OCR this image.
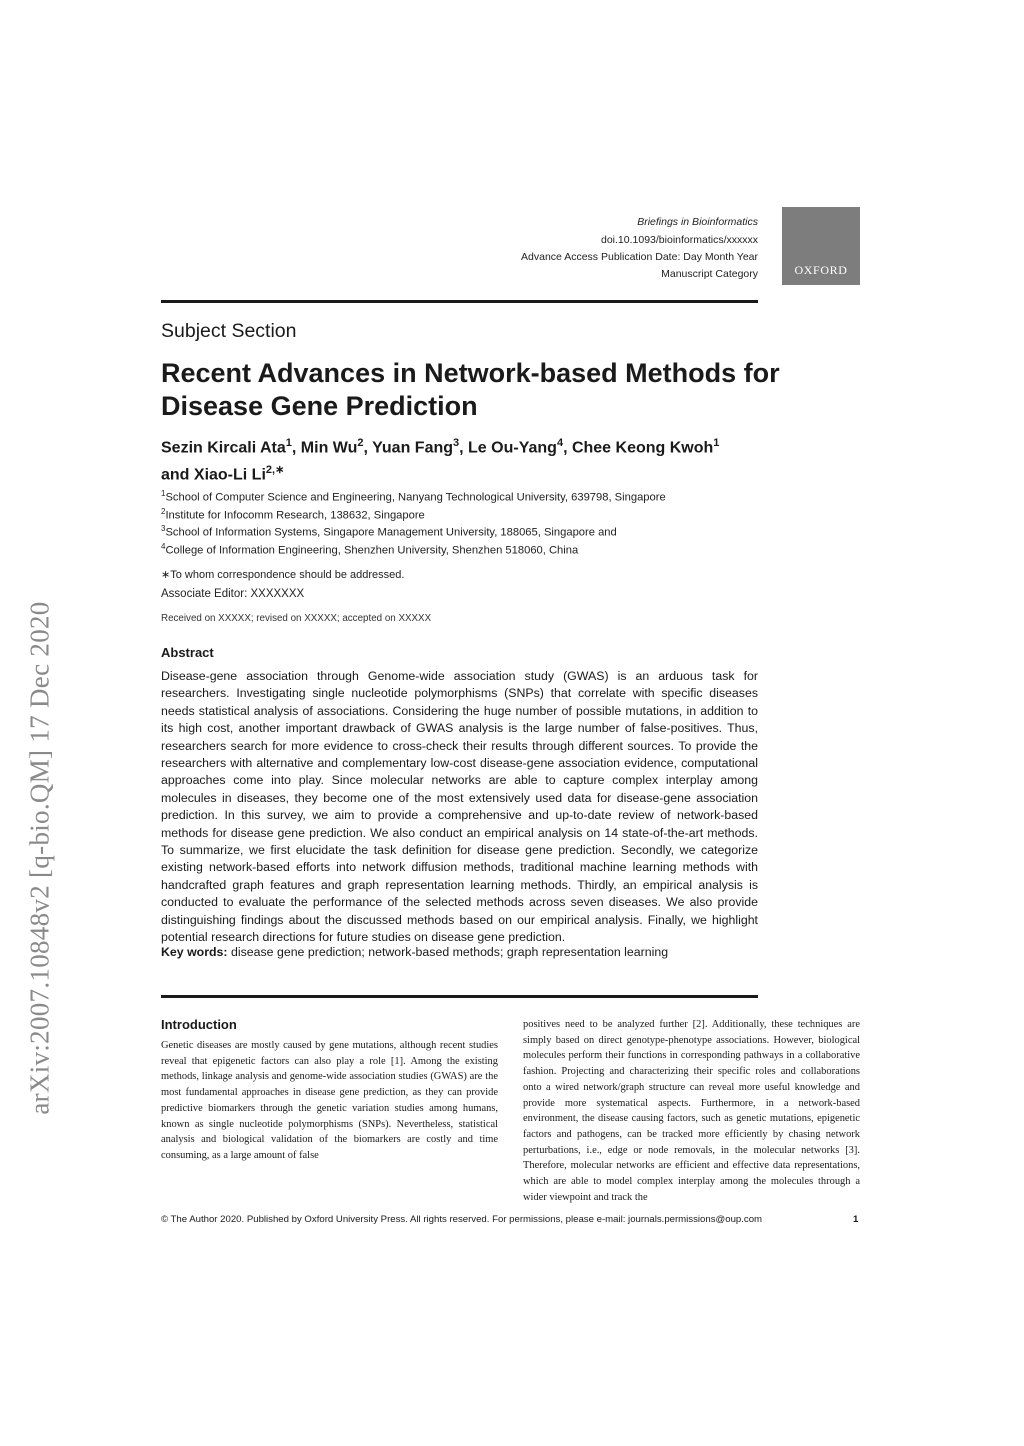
arXiv:2007.10848v2 [q-bio.QM] 17 Dec 2020
Briefings in Bioinformatics
doi.10.1093/bioinformatics/xxxxxx
Advance Access Publication Date: Day Month Year
Manuscript Category	OXFORD
Subject Section
Recent Advances in Network-based Methods for Disease Gene Prediction
Sezin Kircali Ata$^1$, Min Wu$^2$, Yuan Fang$^3$, Le Ou-Yang$^4$, Chee Keong Kwoh$^1$
and Xiao-Li $Li^{2,∗}$
$^1$School of Computer Science and Engineering, Nanyang Technological University, 639798, Singapore
$^2$Institute for Infocomm Research, 138632, Singapore
$^3$School of Information Systems, Singapore Management University, 188065, Singapore and
$^4$College of Information Engineering, Shenzhen University, Shenzhen 518060, China
∗To whom correspondence should be addressed.
Associate Editor: XXXXXXX
Received on XXXXX; revised on XXXXX; accepted on XXXXX
Abstract
Disease-gene association through Genome-wide association study (GWAS) is an arduous task for researchers. Investigating single nucleotide polymorphisms (SNPs) that correlate with specific diseases needs statistical analysis of associations. Considering the huge number of possible mutations, in addition to its high cost, another important drawback of GWAS analysis is the large number of false-positives. Thus, researchers search for more evidence to cross-check their results through different sources. To provide the researchers with alternative and complementary low-cost disease-gene association evidence, computational approaches come into play. Since molecular networks are able to capture complex interplay among molecules in diseases, they become one of the most extensively used data for disease-gene association prediction. In this survey, we aim to provide a comprehensive and up-to-date review of network-based methods for disease gene prediction. We also conduct an empirical analysis on 14 state-of-the-art methods. To summarize, we first elucidate the task definition for disease gene prediction. Secondly, we categorize existing network-based efforts into network diffusion methods, traditional machine learning methods with handcrafted graph features and graph representation learning methods. Thirdly, an empirical analysis is conducted to evaluate the performance of the selected methods across seven diseases. We also provide distinguishing findings about the discussed methods based on our empirical analysis. Finally, we highlight potential research directions for future studies on disease gene prediction.
Key words: disease gene prediction; network-based methods; graph representation learning
Introduction
Genetic diseases are mostly caused by gene mutations, although recent studies reveal that epigenetic factors can also play a role [1]. Among the existing methods, linkage analysis and genome-wide association studies (GWAS) are the most fundamental approaches in disease gene prediction, as they can provide predictive biomarkers through the genetic variation studies among humans, known as single nucleotide polymorphisms (SNPs). Nevertheless, statistical analysis and biological validation of the biomarkers are costly and time consuming, as a large amount of false
positives need to be analyzed further [2]. Additionally, these techniques are simply based on direct genotype-phenotype associations. However, biological molecules perform their functions in corresponding pathways in a collaborative fashion. Projecting and characterizing their specific roles and collaborations onto a wired network/graph structure can reveal more useful knowledge and provide more systematical aspects. Furthermore, in a network-based environment, the disease causing factors, such as genetic mutations, epigenetic factors and pathogens, can be tracked more efficiently by chasing network perturbations, i.e., edge or node removals, in the molecular networks [3]. Therefore, molecular networks are efficient and effective data representations, which are able to model complex interplay among the molecules through a wider viewpoint and track the
© The Author 2020. Published by Oxford University Press. All rights reserved. For permissions, please e-mail: journals.permissions@oup.com	1
